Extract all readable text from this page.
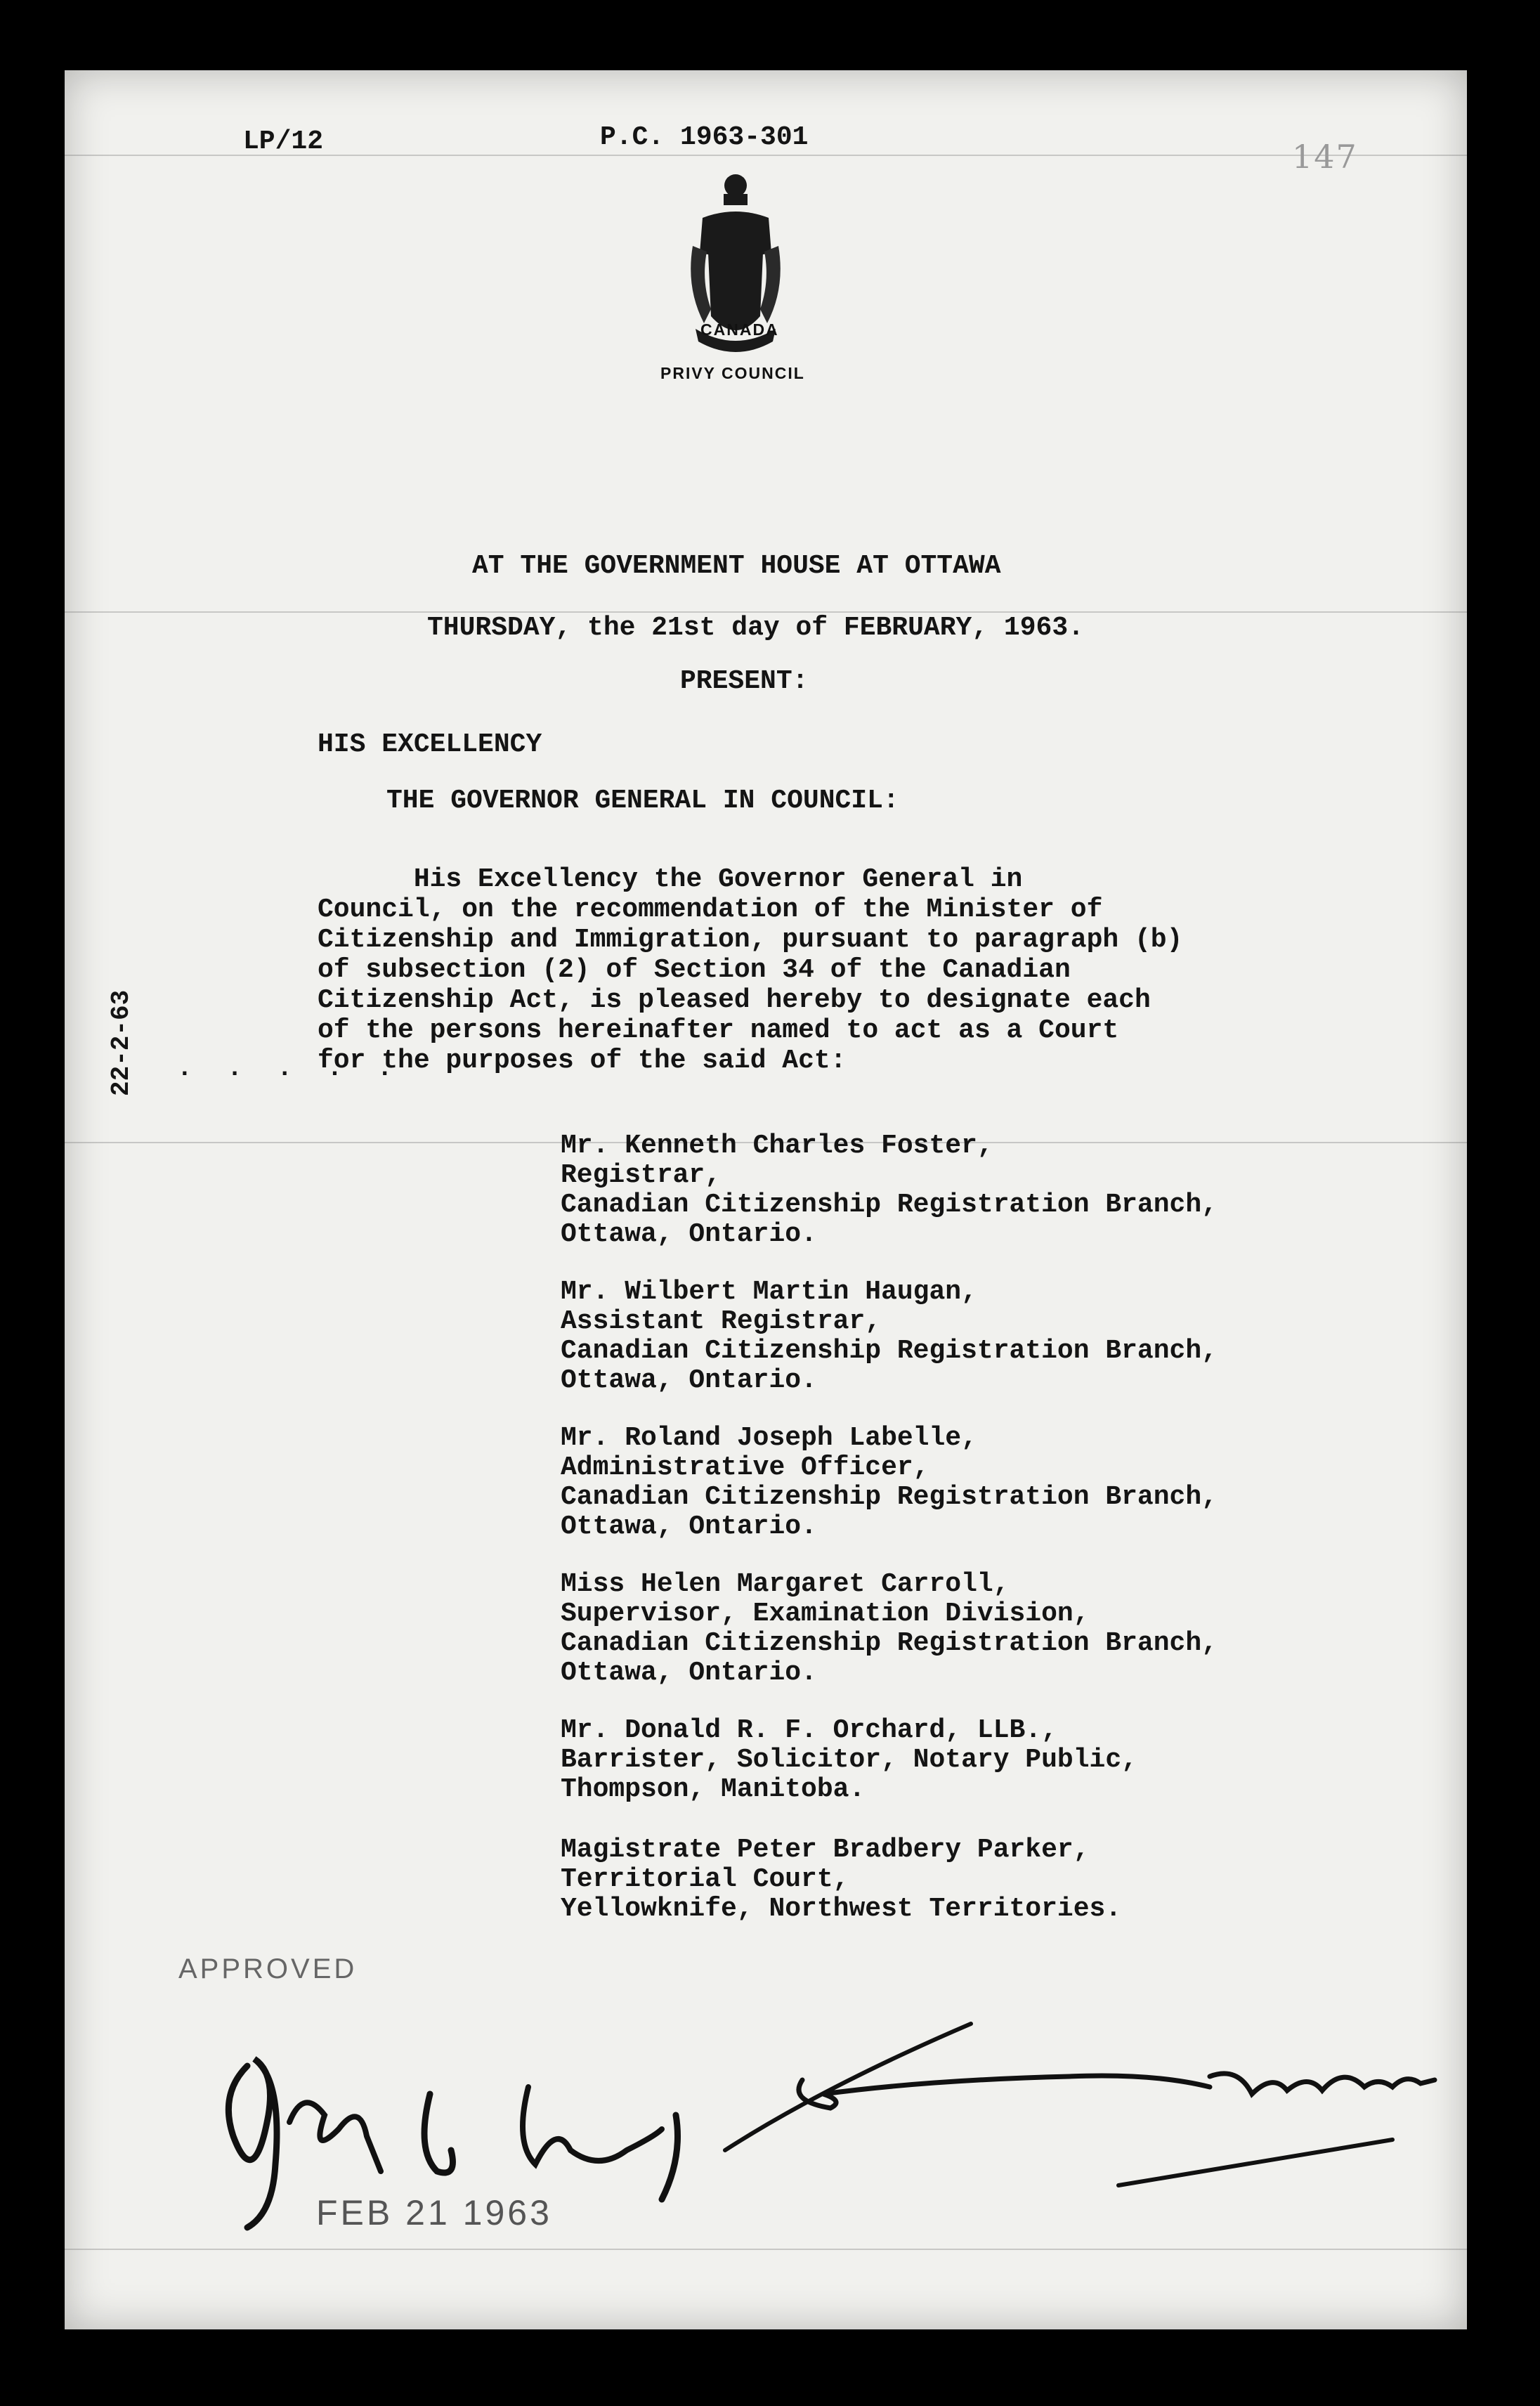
LP/12	P.C. 1963-301
147
CANADA
PRIVY COUNCIL
AT THE GOVERNMENT HOUSE AT OTTAWA
THURSDAY, the 21st day of FEBRUARY, 1963.
PRESENT:
HIS EXCELLENCY
THE GOVERNOR GENERAL IN COUNCIL:
22-2-63 . . . . .
His Excellency the Governor General in
Council, on the recommendation of the Minister of
Citizenship and Immigration, pursuant to paragraph (b)
of subsection (2) of Section 34 of the Canadian
Citizenship Act, is pleased hereby to designate each
of the persons hereinafter named to act as a Court
for the purposes of the said Act:
Mr. Kenneth Charles Foster,
Registrar,
Canadian Citizenship Registration Branch,
Ottawa, Ontario.
Mr. Wilbert Martin Haugan,
Assistant Registrar,
Canadian Citizenship Registration Branch,
Ottawa, Ontario.
Mr. Roland Joseph Labelle,
Administrative Officer,
Canadian Citizenship Registration Branch,
Ottawa, Ontario.
Miss Helen Margaret Carroll,
Supervisor, Examination Division,
Canadian Citizenship Registration Branch,
Ottawa, Ontario.
Mr. Donald R. F. Orchard, LLB.,
Barrister, Solicitor, Notary Public,
Thompson, Manitoba.
Magistrate Peter Bradbery Parker,
Territorial Court,
Yellowknife, Northwest Territories.
APPROVED
FEB 21 1963
